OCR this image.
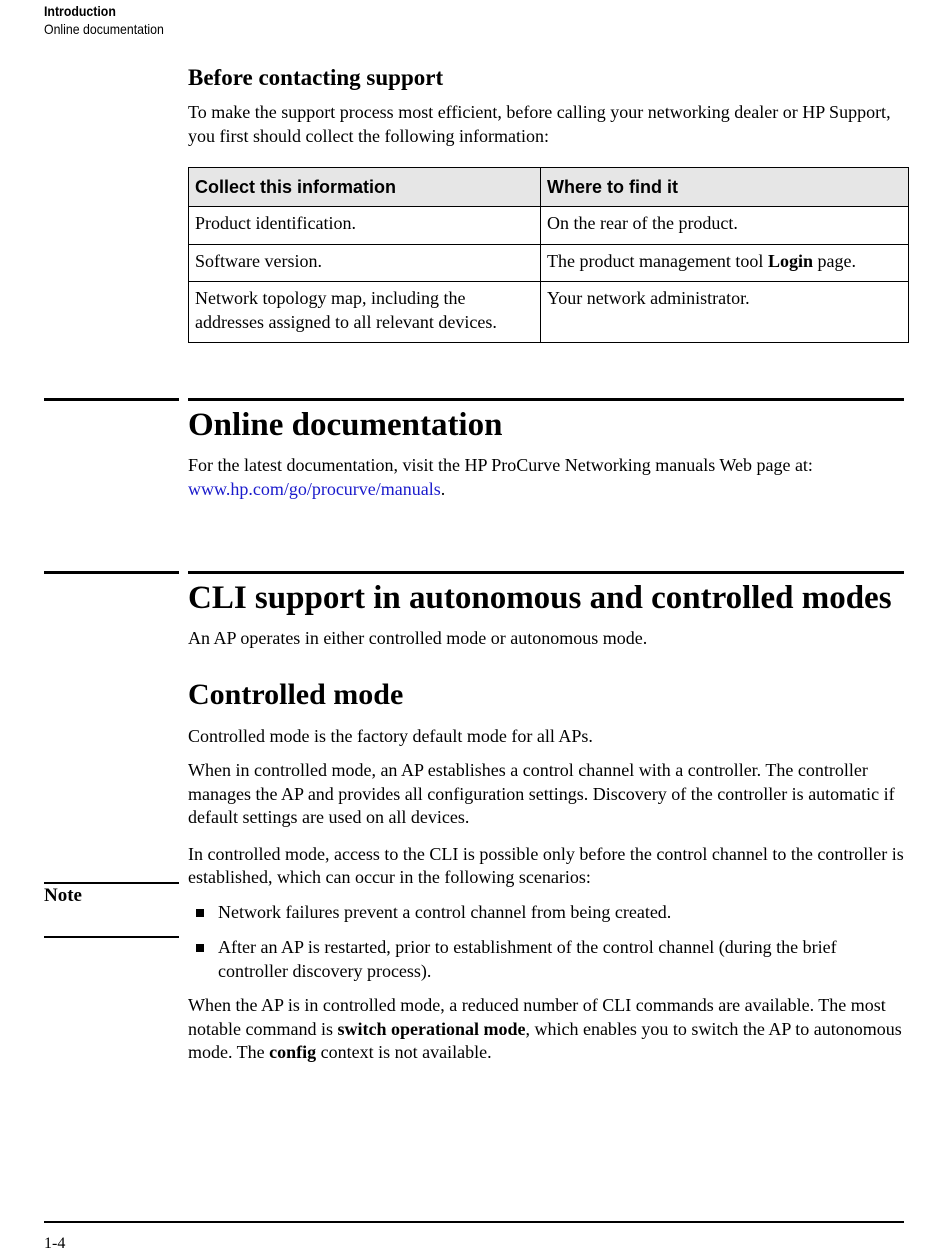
Introduction
Online documentation
Before contacting support

To make the support process most efficient, before calling your networking dealer or HP Support, you first should collect the following information:

Collect this information	Where to find it
Product identification.	On the rear of the product.
Software version.	The product management tool Login page.
Network topology map, including the addresses assigned to all relevant devices.	Your network administrator.
Online documentation

For the latest documentation, visit the HP ProCurve Networking manuals Web page at:
www.hp.com/go/procurve/manuals.

CLI support in autonomous and controlled modes

An AP operates in either controlled mode or autonomous mode.

Controlled mode

Controlled mode is the factory default mode for all APs.

When in controlled mode, an AP establishes a control channel with a controller. The controller manages the AP and provides all configuration settings. Discovery of the controller is automatic if default settings are used on all devices.

In controlled mode, access to the CLI is possible only before the control channel to the controller is established, which can occur in the following scenarios:

Network failures prevent a control channel from being created.
After an AP is restarted, prior to establishment of the control channel (during the brief controller discovery process).

When the AP is in controlled mode, a reduced number of CLI commands are available. The most notable command is switch operational mode, which enables you to switch the AP to autonomous mode. The config context is not available.

Note
1-4
